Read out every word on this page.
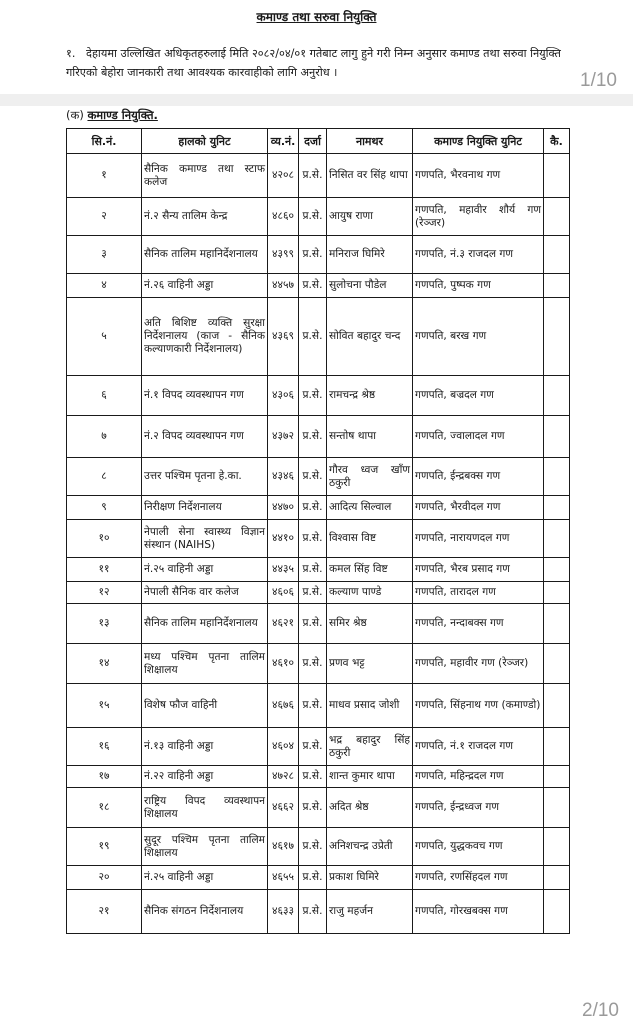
कमाण्ड तथा सरुवा नियुक्ति
१. देहायमा उल्लिखित अधिकृतहरुलाई मिति २०८२/०४/०१ गतेबाट लागु हुने गरी निम्न अनुसार कमाण्ड तथा सरुवा नियुक्ति गरिएको बेहोरा जानकारी तथा आवश्यक कारवाहीको लागि अनुरोध ।	1/10
(क) कमाण्ड नियुक्ति.
सि.नं.	हालको युनिट	व्य.नं.	दर्जा	नामथर	कमाण्ड नियुक्ति युनिट	कै.
१	सैनिक कमाण्ड तथा स्टाफ कलेज	४२०८	प्र.से.	निसित वर सिंह थापा	गणपति, भैरवनाथ गण	
२	नं.२ सैन्य तालिम केन्द्र	४८६०	प्र.से.	आयुष राणा	गणपति, महावीर शौर्य गण (रेञ्जर)	
३	सैनिक तालिम महानिर्देशनालय	४३९९	प्र.से.	मनिराज घिमिरे	गणपति, नं.३ राजदल गण	
४	नं.२६ वाहिनी अड्डा	४४५७	प्र.से.	सुलोचना पौडेल	गणपति, पुष्पक गण	
५	अति बिशिष्ट व्यक्ति सुरक्षा निर्देशनालय (काज - सैनिक कल्याणकारी निर्देशनालय)	४३६९	प्र.से.	सोवित बहादुर चन्द	गणपति, बरख गण	
६	नं.१ विपद व्यवस्थापन गण	४३०६	प्र.से.	रामचन्द्र श्रेष्ठ	गणपति, बज्रदल गण	
७	नं.२ विपद व्यवस्थापन गण	४३७२	प्र.से.	सन्तोष थापा	गणपति, ज्वालादल गण	
८	उत्तर पश्चिम पृतना हे.का.	४३४६	प्र.से.	गौरव ध्वज खाँण ठकुरी	गणपति, ईन्द्रबक्स गण	
९	निरीक्षण निर्देशनालय	४४७०	प्र.से.	आदित्य सिल्वाल	गणपति, भैरवीदल गण	
१०	नेपाली सेना स्वास्थ्य विज्ञान संस्थान (NAIHS)	४४१०	प्र.से.	विश्वास विष्ट	गणपति, नारायणदल गण	
११	नं.२५ वाहिनी अड्डा	४४३५	प्र.से.	कमल सिंह विष्ट	गणपति, भैरब प्रसाद गण	
१२	नेपाली सैनिक वार कलेज	४६०६	प्र.से.	कल्याण पाण्डे	गणपति, तारादल गण	
१३	सैनिक तालिम महानिर्देशनालय	४६२१	प्र.से.	समिर श्रेष्ठ	गणपति, नन्दाबक्स गण	
१४	मध्य पश्चिम पृतना तालिम शिक्षालय	४६१०	प्र.से.	प्रणव भट्ट	गणपति, महावीर गण (रेञ्जर)	
१५	विशेष फौज वाहिनी	४६७६	प्र.से.	माधव प्रसाद जोशी	गणपति, सिंहनाथ गण (कमाण्डो)	
१६	नं.१३ वाहिनी अड्डा	४६०४	प्र.से.	भद्र बहादुर सिंह ठकुरी	गणपति, नं.१ राजदल गण	
१७	नं.२२ वाहिनी अड्डा	४७२८	प्र.से.	शान्त कुमार थापा	गणपति, महिन्द्रदल गण	
१८	राष्ट्रिय विपद व्यवस्थापन शिक्षालय	४६६२	प्र.से.	अदित श्रेष्ठ	गणपति, ईन्द्रध्वज गण	
१९	सुदूर पश्चिम पृतना तालिम शिक्षालय	४६१७	प्र.से.	अनिशचन्द्र उप्रेती	गणपति, युद्धकवच गण	
२०	नं.२५ वाहिनी अड्डा	४६५५	प्र.से.	प्रकाश घिमिरे	गणपति, रणसिंहदल गण	
२१	सैनिक संगठन निर्देशनालय	४६३३	प्र.से.	राजु महर्जन	गणपति, गोरखबक्स गण	
2/10
